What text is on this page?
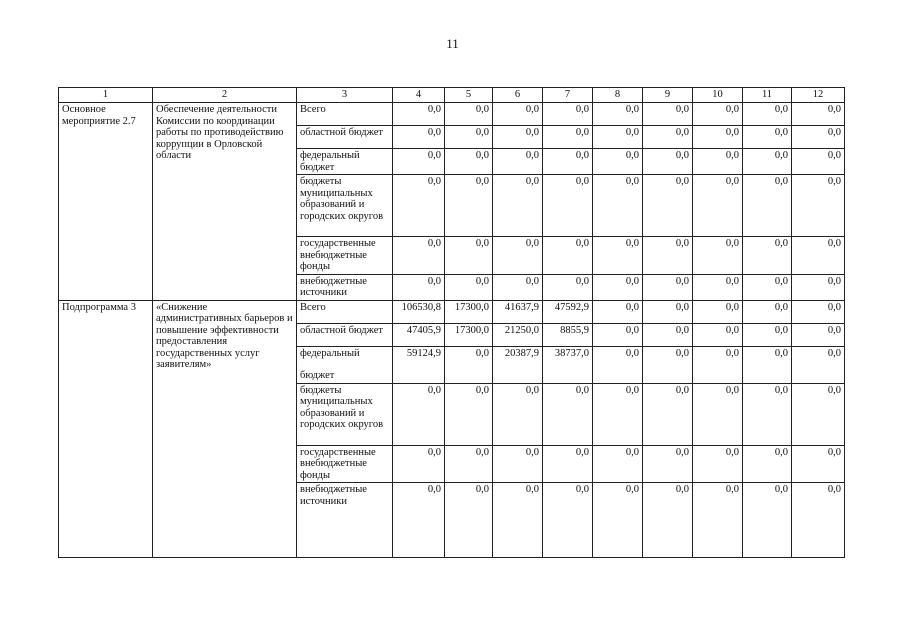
11
1	2	3	4	5	6	7	8	9	10	11	12
Основное мероприятие 2.7	Обеспечение деятельности Комиссии по координации работы по противодействию коррупции в Орловской области	Всего	0,0	0,0	0,0	0,0	0,0	0,0	0,0	0,0	0,0
		областной бюджет	0,0	0,0	0,0	0,0	0,0	0,0	0,0	0,0	0,0
		федеральный бюджет	0,0	0,0	0,0	0,0	0,0	0,0	0,0	0,0	0,0
		бюджеты муниципальных образований и городских округов	0,0	0,0	0,0	0,0	0,0	0,0	0,0	0,0	0,0
		государственные внебюджетные фонды	0,0	0,0	0,0	0,0	0,0	0,0	0,0	0,0	0,0
		внебюджетные источники	0,0	0,0	0,0	0,0	0,0	0,0	0,0	0,0	0,0
Подпрограмма 3	«Снижение административных барьеров и повышение эффективности предоставления государственных услуг заявителям»	Всего	106530,8	17300,0	41637,9	47592,9	0,0	0,0	0,0	0,0	0,0
		областной бюджет	47405,9	17300,0	21250,0	8855,9	0,0	0,0	0,0	0,0	0,0
		федеральный	59124,9	0,0	20387,9	38737,0	0,0	0,0	0,0	0,0	0,0
		бюджет									
		бюджеты муниципальных образований и городских округов	0,0	0,0	0,0	0,0	0,0	0,0	0,0	0,0	0,0
		государственные внебюджетные фонды	0,0	0,0	0,0	0,0	0,0	0,0	0,0	0,0	0,0
		внебюджетные источники	0,0	0,0	0,0	0,0	0,0	0,0	0,0	0,0	0,0
